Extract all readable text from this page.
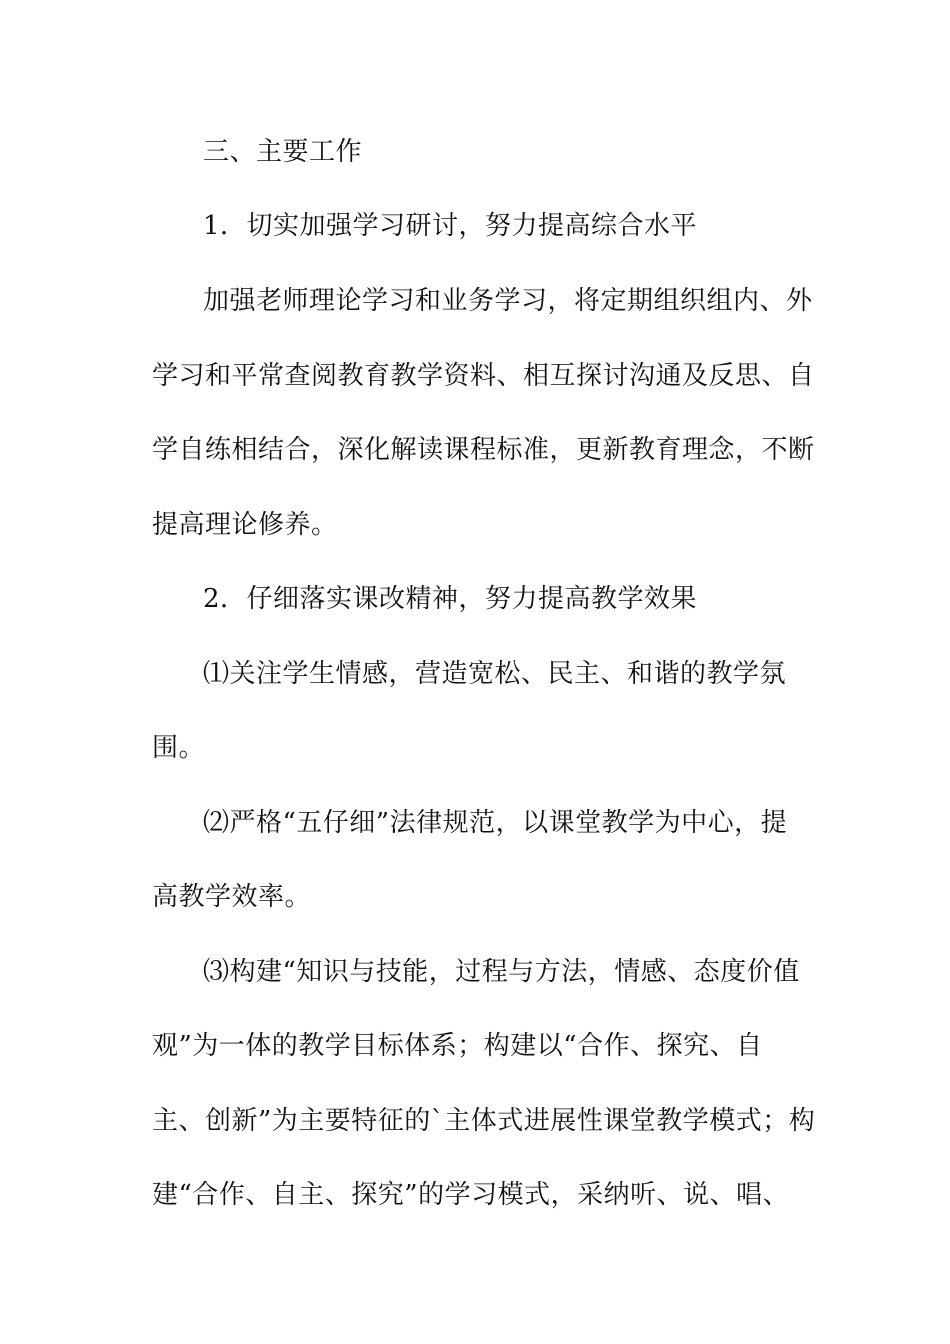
三、主要工作
1．切实加强学习研讨，努力提高综合水平
加强老师理论学习和业务学习，将定期组织组内、外
学习和平常查阅教育教学资料、相互探讨沟通及反思、自
学自练相结合，深化解读课程标准，更新教育理念，不断
提高理论修养。
2．仔细落实课改精神，努力提高教学效果
⑴关注学生情感，营造宽松、民主、和谐的教学氛
围。
⑵严格“五仔细”法律规范，以课堂教学为中心，提
高教学效率。
⑶构建“知识与技能，过程与方法，情感、态度价值
观”为一体的教学目标体系；构建以“合作、探究、自
主、创新”为主要特征的`主体式进展性课堂教学模式；构
建“合作、自主、探究”的学习模式，采纳听、说、唱、
